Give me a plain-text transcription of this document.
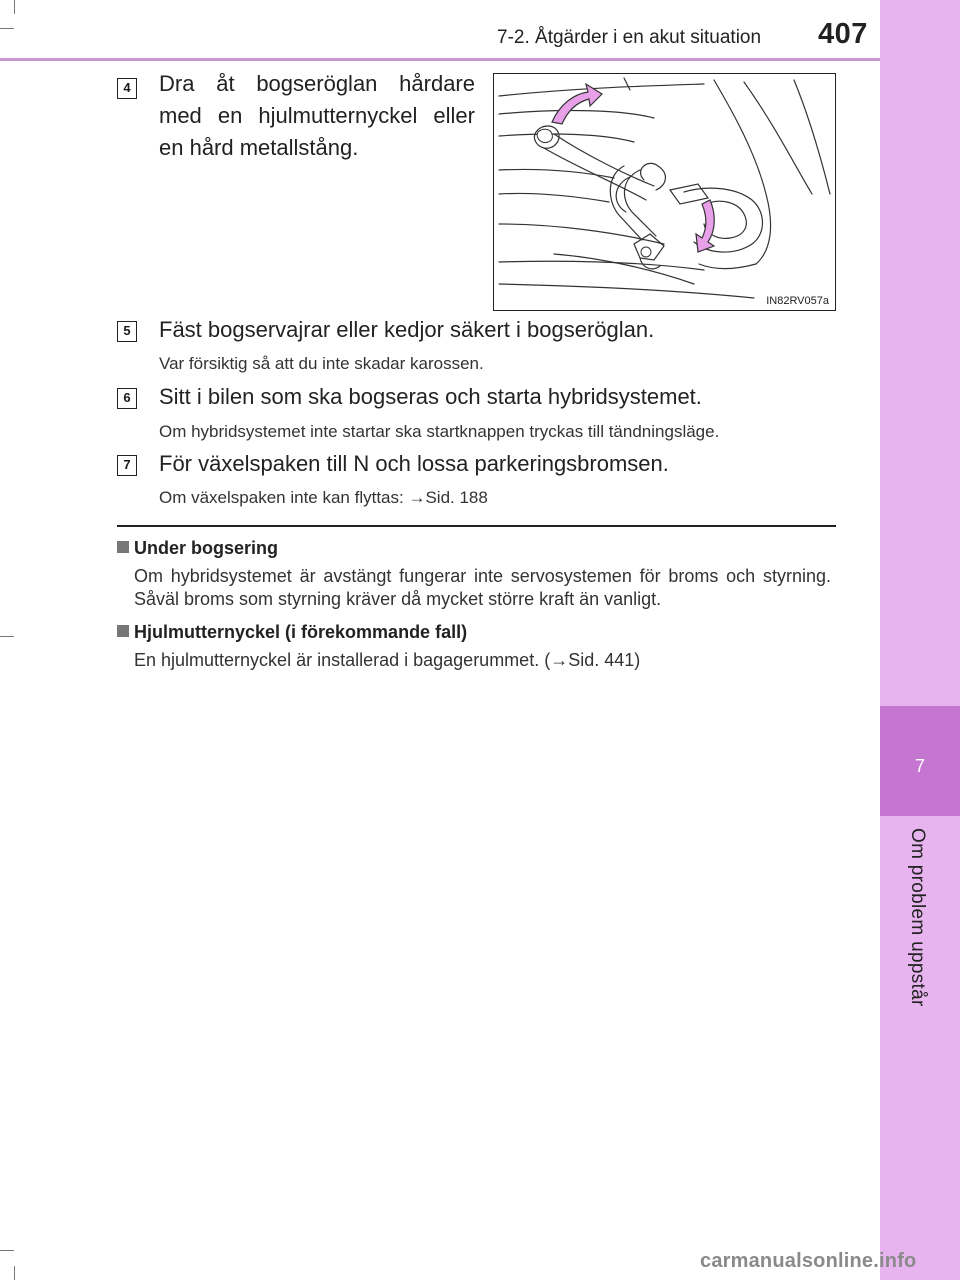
7-2. Åtgärder i en akut situation 407
7
Om problem uppstår
4 Dra åt bogseröglan hårdare med en hjulmutternyckel eller en hård metallstång.
IN82RV057a
5 Fäst bogservajrar eller kedjor säkert i bogseröglan.
Var försiktig så att du inte skadar karossen.
6 Sitt i bilen som ska bogseras och starta hybridsystemet.
Om hybridsystemet inte startar ska startknappen tryckas till tändningsläge.
7 För växelspaken till N och lossa parkeringsbromsen.
Om växelspaken inte kan flyttas: →Sid. 188
Under bogsering
Om hybridsystemet är avstängt fungerar inte servosystemen för broms och styrning. Såväl broms som styrning kräver då mycket större kraft än vanligt.
Hjulmutternyckel (i förekommande fall)
En hjulmutternyckel är installerad i bagagerummet. (→Sid. 441)
carmanualsonline.info
